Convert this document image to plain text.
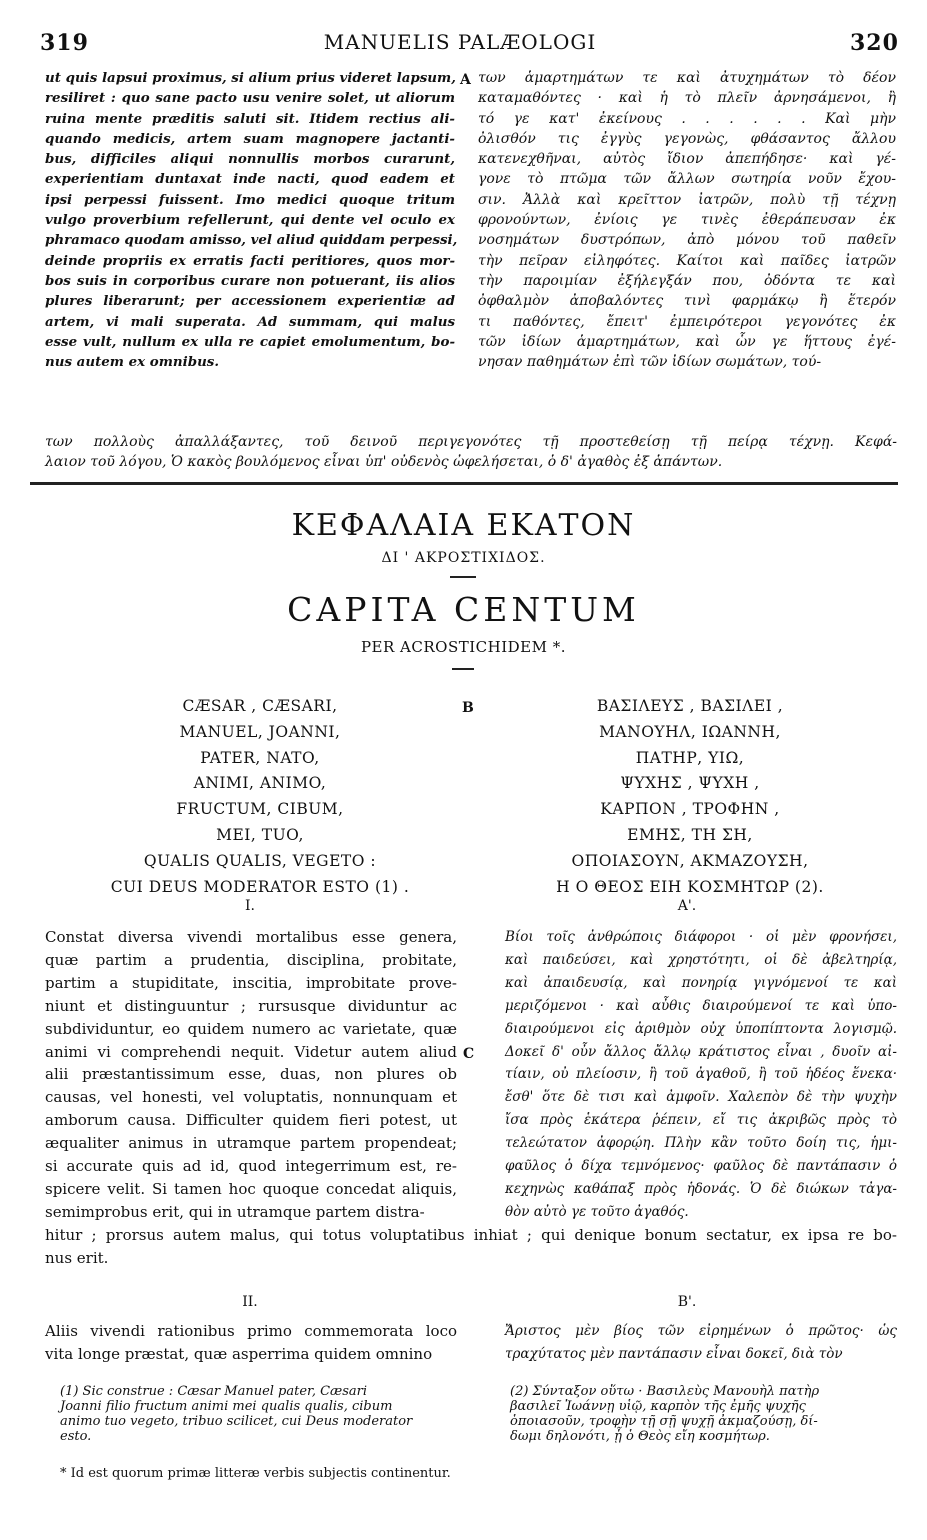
319	MANUELIS PALÆOLOGI	320
ut quis lapsui proximus, si alium prius videret lapsum,
resiliret : quo sane pacto usu venire solet, ut aliorum
ruina mente præditis saluti sit. Itidem rectius ali-
quando medicis, artem suam magnopere jactanti-
bus, difficiles aliqui nonnullis morbos curarunt,
experientiam duntaxat inde nacti, quod eadem et
ipsi perpessi fuissent. Imo medici quoque tritum
vulgo proverbium refellerunt, qui dente vel oculo ex
phramaco quodam amisso, vel aliud quiddam perpessi,
deinde propriis ex erratis facti peritiores, quos mor-
bos suis in corporibus curare non potuerant, iis alios
plures liberarunt; per accessionem experientiæ ad
artem, vi mali superata. Ad summam, qui malus
esse vult, nullum ex ulla re capiet emolumentum, bo-
nus autem ex omnibus.
A των ἁμαρτημάτων τε καὶ ἀτυχημάτων τὸ δέον
καταμαθόντες · καὶ ἡ τὸ πλεῖν ἀρνησάμενοι, ἢ
τό γε κατ' ἐκείνους . . . . . . Καὶ μὴν
ὀλισθόν τις ἐγγὺς γεγονὼς, φθάσαντος ἄλλου
κατενεχθῆναι, αὐτὸς ἴδιον ἀπεπήδησε· καὶ γέ-
γονε τὸ πτῶμα τῶν ἄλλων σωτηρία νοῦν ἔχου-
σιν. Ἀλλὰ καὶ κρεῖττον ἰατρῶν, πολὺ τῇ τέχνῃ
φρονούντων, ἐνίοις γε τινὲς ἐθεράπευσαν ἐκ
νοσημάτων δυστρόπων, ἀπὸ μόνου τοῦ παθεῖν
τὴν πεῖραν εἰληφότες. Καίτοι καὶ παῖδες ἰατρῶν
τὴν παροιμίαν ἐξήλεγξάν που, ὀδόντα τε καὶ
ὀφθαλμὸν ἀποβαλόντες τινὶ φαρμάκῳ ἢ ἕτερόν
τι παθόντες, ἔπειτ' ἐμπειρότεροι γεγονότες ἐκ
τῶν ἰδίων ἁμαρτημάτων, καὶ ὧν γε ἥττους ἐγέ-
νησαν παθημάτων ἐπὶ τῶν ἰδίων σωμάτων, τού-
των πολλοὺς ἀπαλλάξαντες, τοῦ δεινοῦ περιγεγονότες τῇ προστεθείσῃ τῇ πείρᾳ τέχνῃ. Κεφά-
λαιον τοῦ λόγου, Ὁ κακὸς βουλόμενος εἶναι ὑπ' οὐδενὸς ὠφελήσεται, ὁ δ' ἀγαθὸς ἐξ ἁπάντων.
ΚΕΦΑΛΑΙΑ ΕΚΑΤΟΝ
ΔΙ ' ΑΚΡΟΣΤΙΧΙΔΟΣ.
CAPITA CENTUM
PER ACROSTICHIDEM *.
CÆSAR , CÆSARI,
MANUEL, JOANNI,
PATER, NATO,
ANIMI, ANIMO,
FRUCTUM, CIBUM,
MEI, TUO,
QUALIS QUALIS, VEGETO :
CUI DEUS MODERATOR ESTO (1) .
B	ΒΑΣΙΛΕΥΣ , ΒΑΣΙΛΕΙ ,
ΜΑΝΟΥΗΛ, ΙΩΑΝΝΗ,
ΠΑΤΗΡ, ΥΙΩ,
ΨΥΧΗΣ , ΨΥΧΗ ,
ΚΑΡΠΟΝ , ΤΡΟΦΗΝ ,
ΕΜΗΣ, ΤΗ ΣΗ,
ΟΠΟΙΑΣΟΥΝ, ΑΚΜΑΖΟΥΣΗ,
Η Ο ΘΕΟΣ ΕΙΗ ΚΟΣΜΗΤΩΡ (2).
I.	Α'.
Constat diversa vivendi mortalibus esse genera,
quæ partim a prudentia, disciplina, probitate,
partim a stupiditate, inscitia, improbitate prove-
niunt et distinguuntur ; rursusque dividuntur ac
subdividuntur, eo quidem numero ac varietate, quæ
animi vi comprehendi nequit. Videtur autem aliud
alii præstantissimum esse, duas, non plures ob
causas, vel honesti, vel voluptatis, nonnunquam et
amborum causa. Difficulter quidem fieri potest, ut
æqualiter animus in utramque partem propendeat;
si accurate quis ad id, quod integerrimum est, re-
spicere velit. Si tamen hoc quoque concedat aliquis,
semimprobus erit, qui in utramque partem distra-
C
Βίοι τοῖς ἀνθρώποις διάφοροι · οἱ μὲν φρονήσει,
καὶ παιδεύσει, καὶ χρηστότητι, οἱ δὲ ἀβελτηρίᾳ,
καὶ ἀπαιδευσίᾳ, καὶ πονηρίᾳ γιγνόμενοί τε καὶ
μεριζόμενοι · καὶ αὖθις διαιρούμενοί τε καὶ ὑπο-
διαιρούμενοι εἰς ἀριθμὸν οὐχ ὑποπίπτοντα λογισμῷ.
Δοκεῖ δ' οὖν ἄλλος ἄλλῳ κράτιστος εἶναι , δυοῖν αἰ-
τίαιν, οὐ πλείοσιν, ἢ τοῦ ἀγαθοῦ, ἢ τοῦ ἡδέος ἕνεκα·
ἔσθ' ὅτε δὲ τισι καὶ ἀμφοῖν. Χαλεπὸν δὲ τὴν ψυχὴν
ἴσα πρὸς ἑκάτερα ῥέπειν, εἴ τις ἀκριβῶς πρὸς τὸ
τελεώτατον ἀφορῴη. Πλὴν κἂν τοῦτο δοίη τις, ἡμι-
φαῦλος ὁ δίχα τεμνόμενος· φαῦλος δὲ παντάπασιν ὁ
κεχηνὼς καθάπαξ πρὸς ἡδονάς. Ὁ δὲ διώκων τἀγα-
θὸν αὐτὸ γε τοῦτο ἀγαθός.
hitur ; prorsus autem malus, qui totus voluptatibus inhiat ; qui denique bonum sectatur, ex ipsa re bo-
nus erit.
II.	Β'.
Aliis vivendi rationibus primo commemorata loco
vita longe præstat, quæ asperrima quidem omnino
Ἄριστος μὲν βίος τῶν εἰρημένων ὁ πρῶτος· ὡς
τραχύτατος μὲν παντάπασιν εἶναι δοκεῖ, διὰ τὸν
(1) Sic construe : Cæsar Manuel pater, Cæsari
Joanni filio fructum animi mei qualis qualis, cibum
animo tuo vegeto, tribuo scilicet, cui Deus moderator
esto.
(2) Σύνταξον οὕτω · Βασιλεὺς Μανουὴλ πατὴρ
βασιλεῖ Ἰωάννῃ υἱῷ, καρπὸν τῆς ἐμῆς ψυχῆς
ὁποιασοῦν, τροφὴν τῇ σῇ ψυχῇ ἀκμαζούσῃ, δί-
δωμι δηλονότι, ᾗ ὁ Θεὸς εἴη κοσμήτωρ.
* Id est quorum primæ litteræ verbis subjectis continentur.
